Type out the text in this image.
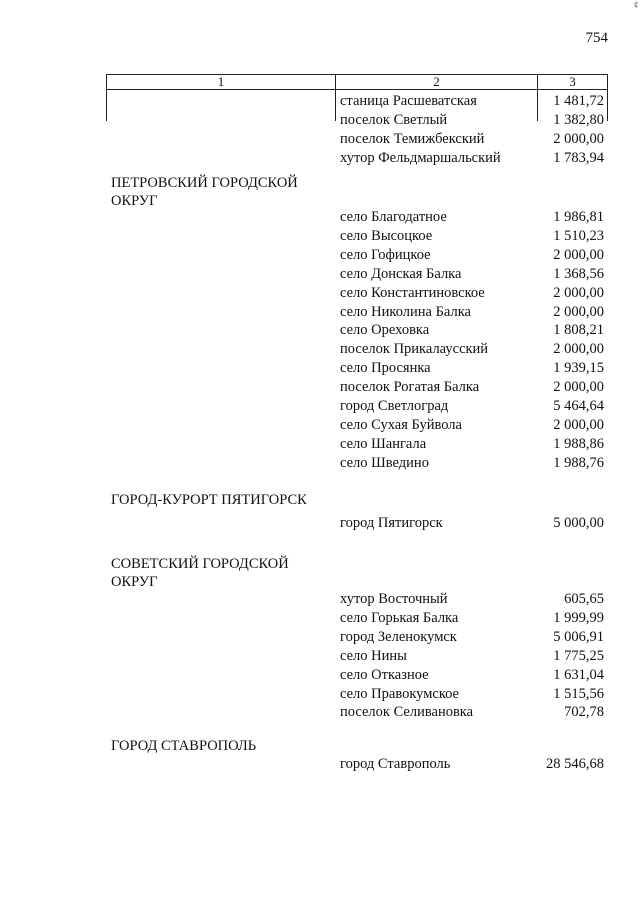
¢
754
1	2	3
станица Расшеватская	1 481,72
поселок Светлый	1 382,80
поселок Темижбекский	2 000,00
хутор Фельдмаршальский	1 783,94
ПЕТРОВСКИЙ ГОРОДСКОЙ ОКРУГ
село Благодатное	1 986,81
село Высоцкое	1 510,23
село Гофицкое	2 000,00
село Донская Балка	1 368,56
село Константиновское	2 000,00
село Николина Балка	2 000,00
село Ореховка	1 808,21
поселок Прикалаусский	2 000,00
село Просянка	1 939,15
поселок Рогатая Балка	2 000,00
город Светлоград	5 464,64
село Сухая Буйвола	2 000,00
село Шангала	1 988,86
село Шведино	1 988,76
ГОРОД-КУРОРТ ПЯТИГОРСК
город Пятигорск	5 000,00
СОВЕТСКИЙ ГОРОДСКОЙ ОКРУГ
хутор Восточный	605,65
село Горькая Балка	1 999,99
город Зеленокумск	5 006,91
село Нины	1 775,25
село Отказное	1 631,04
село Правокумское	1 515,56
поселок Селивановка	702,78
ГОРОД СТАВРОПОЛЬ
город Ставрополь	28 546,68
